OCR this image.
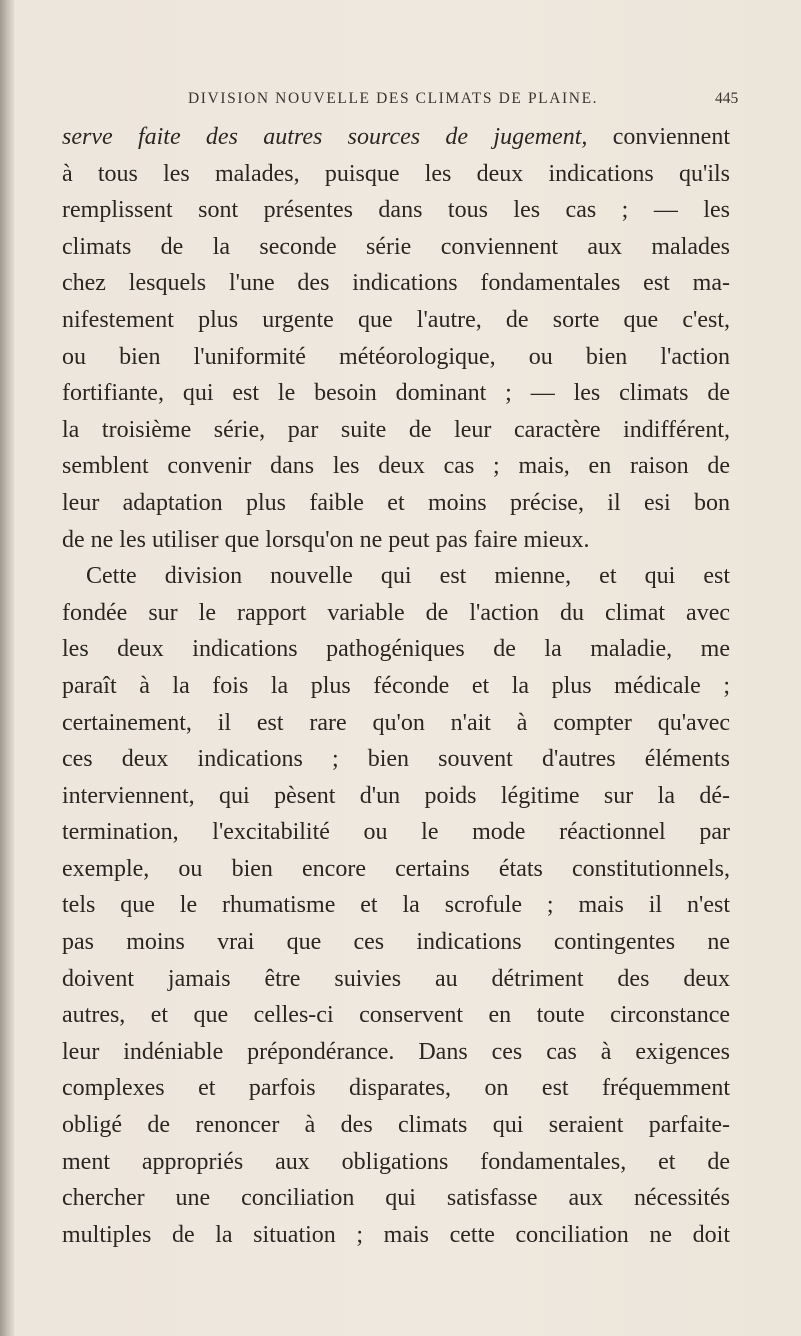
DIVISION NOUVELLE DES CLIMATS DE PLAINE.	445
serve faite des autres sources de jugement, conviennent
à tous les malades, puisque les deux indications qu'ils
remplissent sont présentes dans tous les cas ; — les
climats de la seconde série conviennent aux malades
chez lesquels l'une des indications fondamentales est ma-
nifestement plus urgente que l'autre, de sorte que c'est,
ou bien l'uniformité météorologique, ou bien l'action
fortifiante, qui est le besoin dominant ; — les climats de
la troisième série, par suite de leur caractère indifférent,
semblent convenir dans les deux cas ; mais, en raison de
leur adaptation plus faible et moins précise, il esi bon
de ne les utiliser que lorsqu'on ne peut pas faire mieux.
Cette division nouvelle qui est mienne, et qui est
fondée sur le rapport variable de l'action du climat avec
les deux indications pathogéniques de la maladie, me
paraît à la fois la plus féconde et la plus médicale ;
certainement, il est rare qu'on n'ait à compter qu'avec
ces deux indications ; bien souvent d'autres éléments
interviennent, qui pèsent d'un poids légitime sur la dé-
termination, l'excitabilité ou le mode réactionnel par
exemple, ou bien encore certains états constitutionnels,
tels que le rhumatisme et la scrofule ; mais il n'est
pas moins vrai que ces indications contingentes ne
doivent jamais être suivies au détriment des deux
autres, et que celles-ci conservent en toute circonstance
leur indéniable prépondérance. Dans ces cas à exigences
complexes et parfois disparates, on est fréquemment
obligé de renoncer à des climats qui seraient parfaite-
ment appropriés aux obligations fondamentales, et de
chercher une conciliation qui satisfasse aux nécessités
multiples de la situation ; mais cette conciliation ne doit
